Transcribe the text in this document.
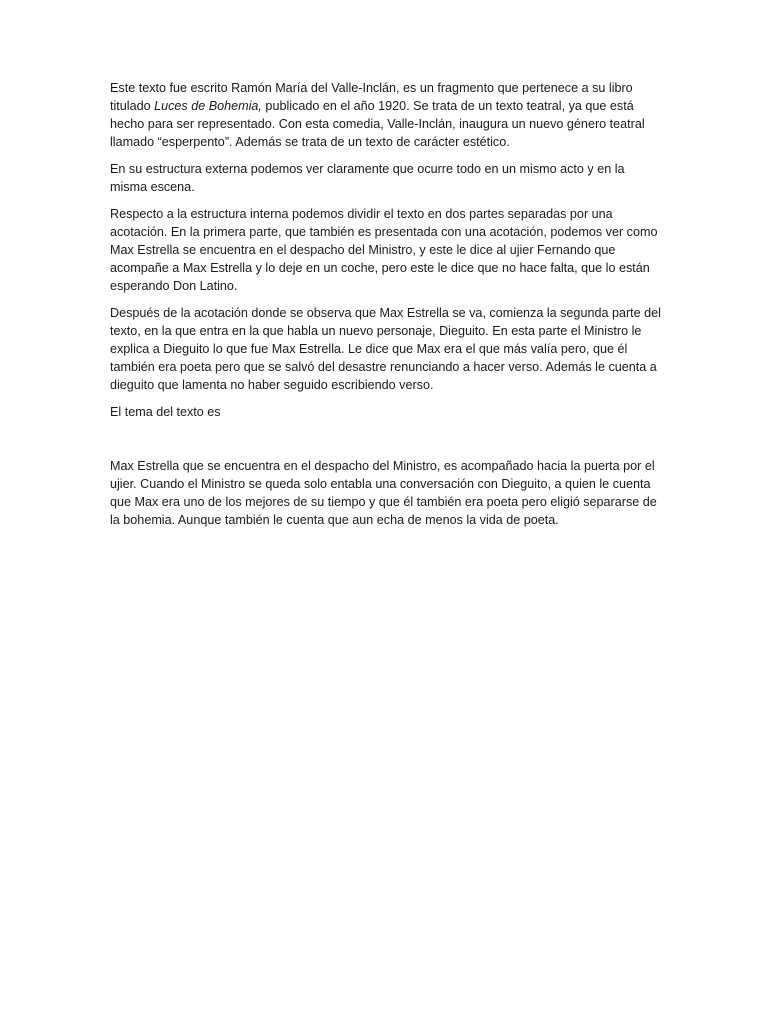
Este texto fue escrito Ramón María del Valle-Inclán, es un fragmento que pertenece a su libro titulado Luces de Bohemia, publicado en el año 1920. Se trata de un texto teatral, ya que está hecho para ser representado. Con esta comedia, Valle-Inclán, inaugura un nuevo género teatral llamado “esperpento”. Además se trata de un texto de carácter estético.

En su estructura externa podemos ver claramente que ocurre todo en un mismo acto y en la misma escena.

Respecto a la estructura interna podemos dividir el texto en dos partes separadas por una acotación. En la primera parte, que también es presentada con una acotación, podemos ver como Max Estrella se encuentra en el despacho del Ministro, y este le dice al ujier Fernando que acompañe a Max Estrella y lo deje en un coche, pero este le dice que no hace falta, que lo están esperando Don Latino.

Después de la acotación donde se observa que Max Estrella se va, comienza la segunda parte del texto, en la que entra en la que habla un nuevo personaje, Dieguito. En esta parte el Ministro le explica a Dieguito lo que fue Max Estrella. Le dice que Max era el que más valía pero, que él también era poeta pero que se salvó del desastre renunciando a hacer verso. Además le cuenta a dieguito que lamenta no haber seguido escribiendo verso.

El tema del texto es

Max Estrella que se encuentra en el despacho del Ministro, es acompañado hacia la puerta por el ujier. Cuando el Ministro se queda solo entabla una conversación con Dieguito, a quien le cuenta que Max era uno de los mejores de su tiempo y que él también era poeta pero eligió separarse de la bohemia. Aunque también le cuenta que aun echa de menos la vida de poeta.
